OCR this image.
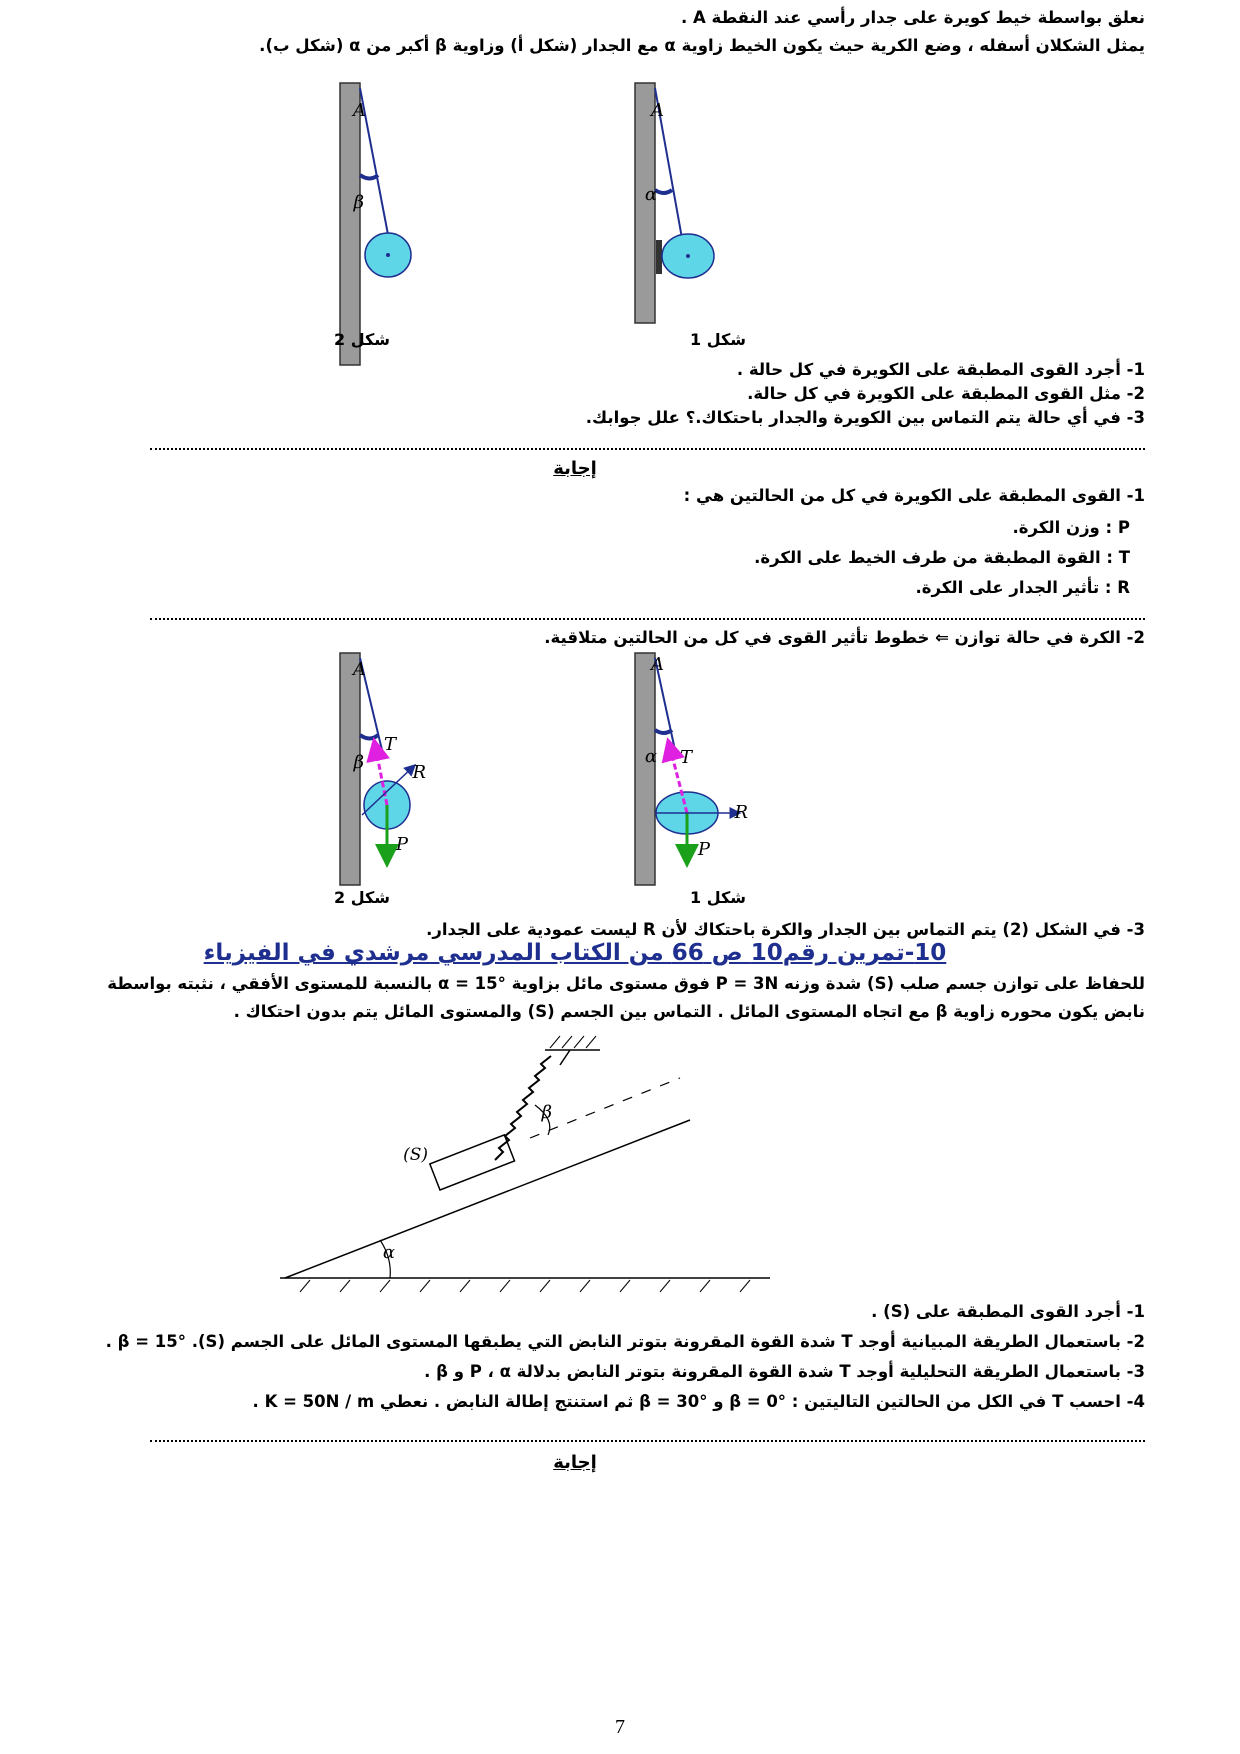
نعلق بواسطة خيط كويرة على جدار رأسي عند النقطة A .
يمثل الشكلان أسفله ، وضع الكرية حيث يكون الخيط زاوية α مع الجدار (شكل أ) وزاوية β أكبر من α (شكل ب).
A
β
A
α
شكل 2	شكل 1
1- أجرد القوى المطبقة على الكويرة في كل حالة .
2- مثل القوى المطبقة على الكويرة في كل حالة.
3- في أي حالة يتم التماس بين الكويرة والجدار باحتكاك.؟ علل جوابك.
إجابة
1- القوى المطبقة على الكويرة في كل من الحالتين هي :
P : وزن الكرة.
T : القوة المطبقة من طرف الخيط على الكرة.
R : تأثير الجدار على الكرة.
2- الكرة في حالة توازن ⇐ خطوط تأثير القوى في كل من الحالتين متلاقية.
A
β
T
R
P
A
α T
R
P
شكل 2	شكل 1
3- في الشكل (2) يتم التماس بين الجدار والكرة باحتكاك لأن R ليست عمودية على الجدار.
10-تمرين رقم10 ص 66 من الكتاب المدرسي مرشدي في الفيزياء
للحفاظ على توازن جسم صلب (S) شدة وزنه P = 3N فوق مستوى مائل بزاوية α = 15° بالنسبة للمستوى الأفقي ، نثبته بواسطة
نابض يكون محوره زاوية β مع اتجاه المستوى المائل . التماس بين الجسم (S) والمستوى المائل يتم بدون احتكاك .
α
(S)
β
1- أجرد القوى المطبقة على (S) .
2- باستعمال الطريقة المبيانية أوجد T شدة القوة المقرونة بتوتر النابض التي يطبقها المستوى المائل على الجسم (S). β = 15° .
3- باستعمال الطريقة التحليلية أوجد T شدة القوة المقرونة بتوتر النابض بدلالة P ، α و β .
4- احسب T في الكل من الحالتين التاليتين : β = 0° و β = 30° ثم استنتج إطالة النابض . نعطي K = 50N / m .
إجابة
7
